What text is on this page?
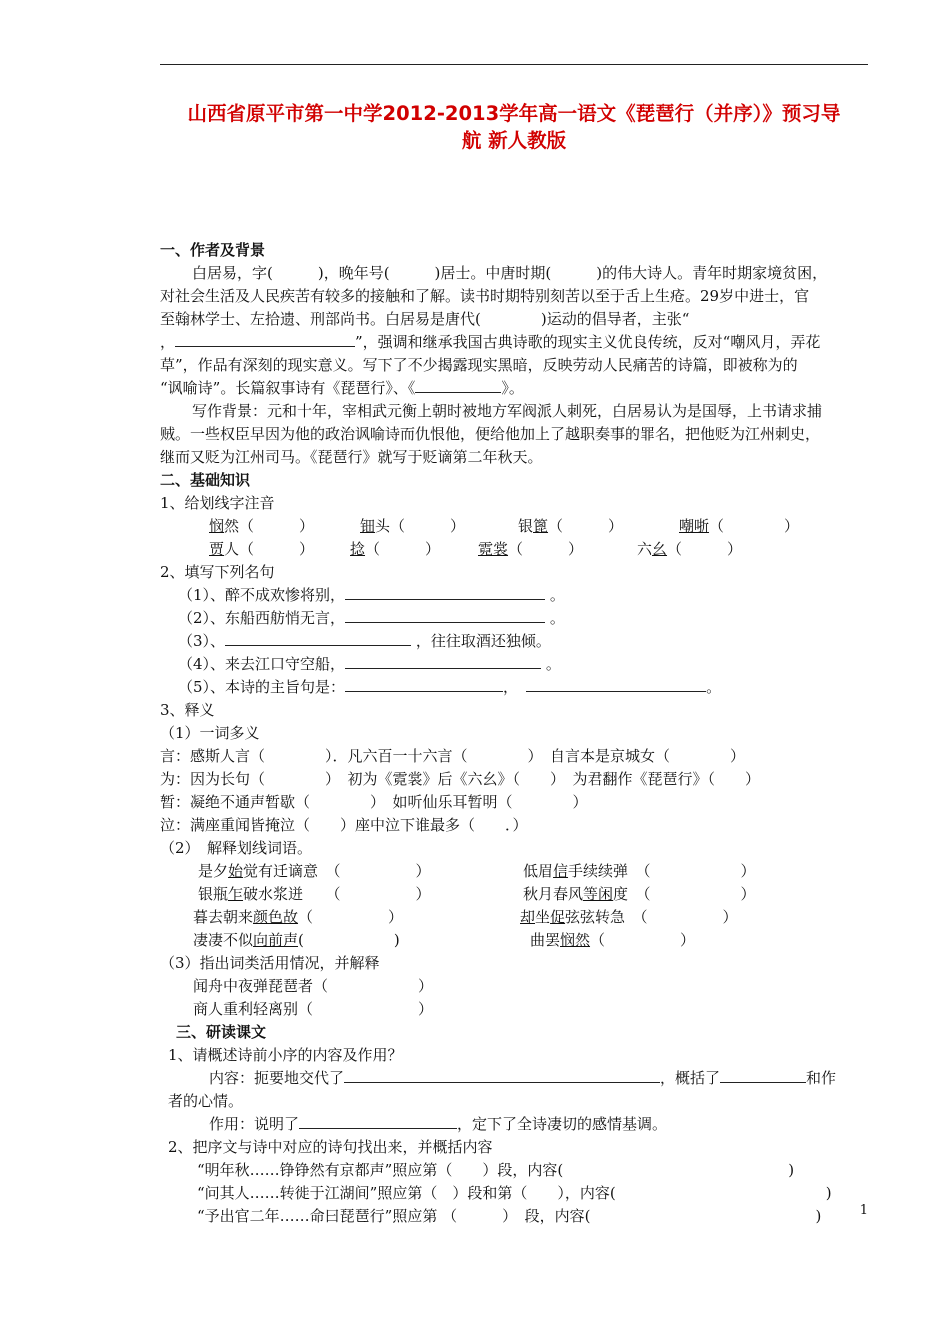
山西省原平市第一中学2012-2013学年高一语文《琵琶行（并序）》预习导
航 新人教版
一、作者及背景
白居易，字(　　　)，晚年号(　　　)居士。中唐时期(　　　)的伟大诗人。青年时期家境贫困，
对社会生活及人民疾苦有较多的接触和了解。读书时期特别刻苦以至于舌上生疮。29岁中进士，官
至翰林学士、左拾遗、刑部尚书。白居易是唐代(　　　　)运动的倡导者，主张“
，	”，强调和继承我国古典诗歌的现实主义优良传统，反对“嘲风月，弄花
草”，作品有深刻的现实意义。写下了不少揭露现实黑暗，反映劳动人民痛苦的诗篇，即被称为的
“讽喻诗”。长篇叙事诗有《琵琶行》、《	》。
写作背景：元和十年，宰相武元衡上朝时被地方军阀派人刺死，白居易认为是国辱，上书请求捕
贼。一些权臣早因为他的政治讽喻诗而仇恨他，便给他加上了越职奏事的罪名，把他贬为江州刺史，
继而又贬为江州司马。《琵琶行》就写于贬谪第二年秋天。
二、基础知识
1、给划线字注音
悯然（　　　）	钿头（　　　）	银篦（　　　）	嘲哳（　　　　）
贾人（　　　） 捻（　　　）	霓裳（　　　）	六幺（　　　）
2、填写下列名句
（1）、醉不成欢惨将别，	。
（2）、东船西舫悄无言，	。
（3）、	，往往取酒还独倾。
（4）、来去江口守空船，	。
（5）、本诗的主旨句是：	，	。
3、释义
（1）一词多义
言：感斯人言（　　　　）．凡六百一十六言（　　　　）　自言本是京城女（　　　　）
为：因为长句（　　　　）　初为《霓裳》后《六幺》（　　）　为君翻作《琵琶行》（　　）
暂：凝绝不通声暂歇（　　　　）　如听仙乐耳暂明（　　　　）
泣：满座重闻皆掩泣（　　）座中泣下谁最多（　　．）
（2）　解释划线词语。
是夕始觉有迁谪意　（　　　　　）	低眉信手续续弹　（　　　　　　）
银瓶乍破水浆迸　　（　　　　　）	秋月春风等闲度　（　　　　　　）
暮去朝来颜色故（　　　　　）	却坐促弦弦转急　（　　　　　）
凄凄不似向前声(　　　　　　)	曲罢悯然（　　　　　）
（3）指出词类活用情况，并解释
闻舟中夜弹琵琶者（　　　　　　）
商人重利轻离别（　　　　　　　）
三、研读课文
1、请概述诗前小序的内容及作用？
内容：扼要地交代了	，概括了	和作
者的心情。
作用：说明了	，定下了全诗凄切的感情基调。
2、把序文与诗中对应的诗句找出来，并概括内容
“明年秋……铮铮然有京都声”照应第（　　）段，内容(　　　　　　　　　　　　　　　)
“问其人……转徙于江湖间”照应第（　）段和第（　　），内容(　　　　　　　　　　　　　　)
“予出官二年……命曰琵琶行”照应第 （　　　）　段，内容(　　　　　　　　　　　　　　　)	1
